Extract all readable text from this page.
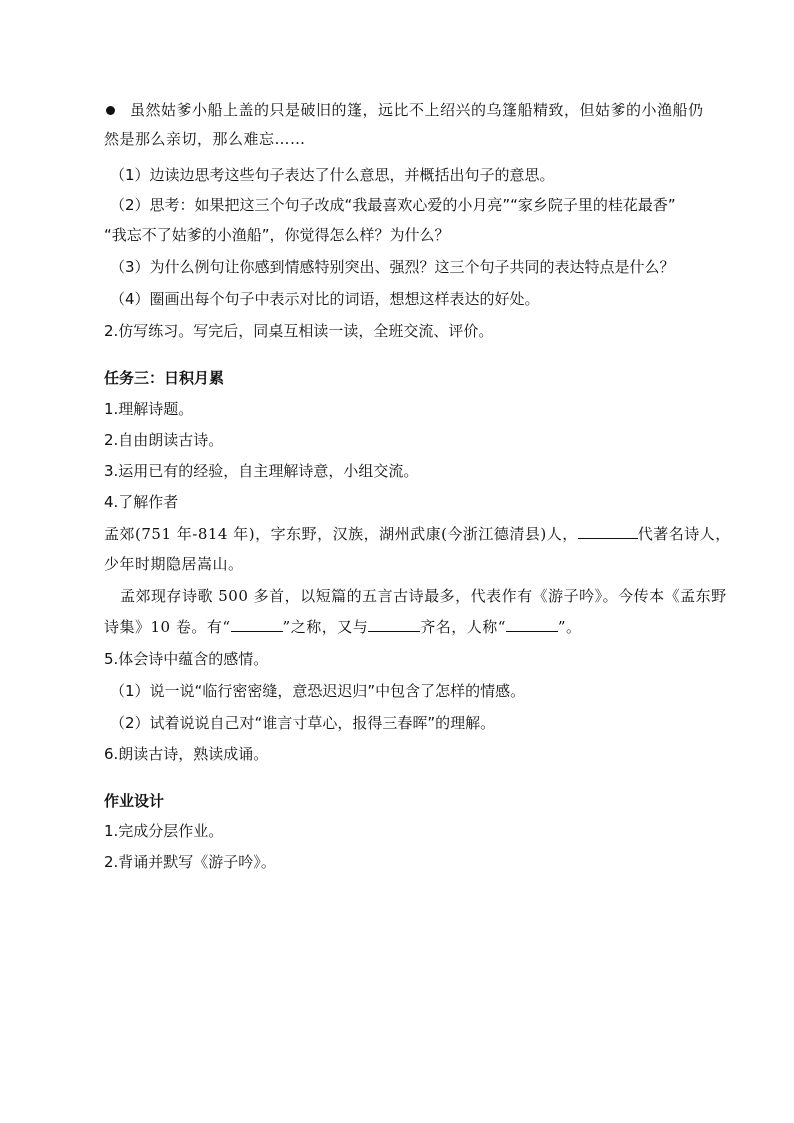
虽然姑爹小船上盖的只是破旧的篷，远比不上绍兴的乌篷船精致，但姑爹的小渔船仍
然是那么亲切，那么难忘……
（1）边读边思考这些句子表达了什么意思，并概括出句子的意思。
（2）思考：如果把这三个句子改成“我最喜欢心爱的小月亮”“家乡院子里的桂花最香”
“我忘不了姑爹的小渔船”，你觉得怎么样？为什么？
（3）为什么例句让你感到情感特别突出、强烈？这三个句子共同的表达特点是什么？
（4）圈画出每个句子中表示对比的词语，想想这样表达的好处。
2.仿写练习。写完后，同桌互相读一读，全班交流、评价。
任务三：日积月累
1.理解诗题。
2.自由朗读古诗。
3.运用已有的经验，自主理解诗意，小组交流。
4.了解作者
孟郊(751 年-814 年)，字东野，汉族，湖州武康(今浙江德清县)人，	代著名诗人，
少年时期隐居嵩山。
孟郊现存诗歌 500 多首，以短篇的五言古诗最多，代表作有《游子吟》。今传本《孟东野
诗集》10 卷。有“	”之称，又与	齐名，人称“	”。
5.体会诗中蕴含的感情。
（1）说一说“临行密密缝，意恐迟迟归”中包含了怎样的情感。
（2）试着说说自己对“谁言寸草心，报得三春晖”的理解。
6.朗读古诗，熟读成诵。
作业设计
1.完成分层作业。
2.背诵并默写《游子吟》。
